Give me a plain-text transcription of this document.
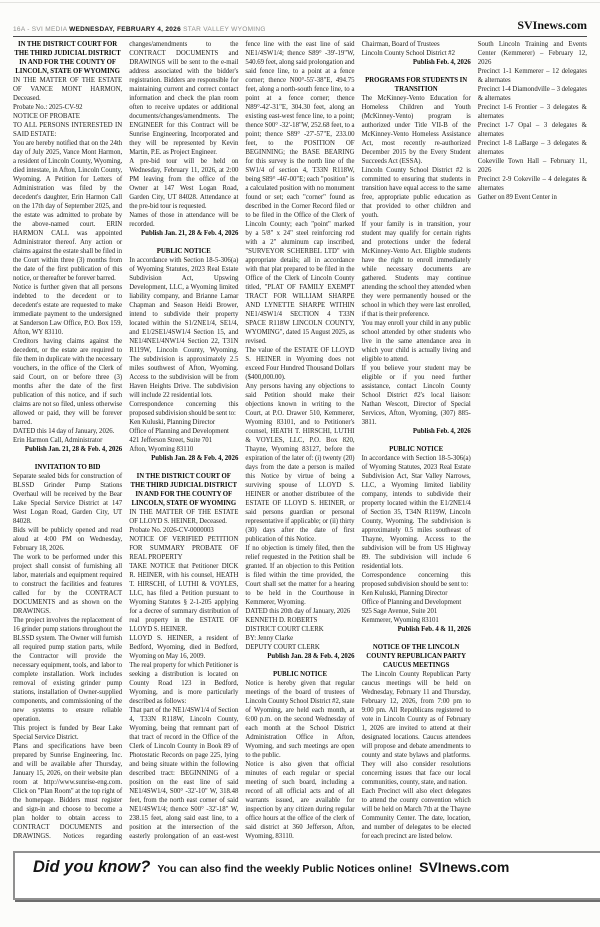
16A - SVI MEDIA WEDNESDAY, FEBRUARY 4, 2026 STAR VALLEY WYOMING	SVInews.com

IN THE DISTRICT COURT FOR THE THIRD JUDICIAL DISTRICT

IN AND FOR THE COUNTY OF LINCOLN, STATE OF WYOMING

IN THE MATTER OF THE ESTATE OF VANCE MONT HARMON, Deceased.

Probate No.: 2025-CV-92

NOTICE OF PROBATE

TO ALL PERSONS INTERESTED IN SAID ESTATE:

You are hereby notified that on the 24th day of July 2025, Vance Mont Harmon, a resident of Lincoln County, Wyoming, died intestate, in Afton, Lincoln County, Wyoming. A Petition for Letters of Administration was filed by the decedent's daughter, Erin Harmon Call on the 17th day of September 2025, and the estate was admitted to probate by the above-named court. ERIN HARMON CALL was appointed Administrator thereof. Any action or claims against the estate shall be filed in the Court within three (3) months from the date of the first publication of this notice, or thereafter be forever barred.

Notice is further given that all persons indebted to the decedent or to decedent's estate are requested to make immediate payment to the undersigned at Sanderson Law Office, P.O. Box 159, Afton, WY 83110.

Creditors having claims against the decedent, or the estate are required to file them in duplicate with the necessary vouchers, in the office of the Clerk of said Court, on or before three (3) months after the date of the first publication of this notice, and if such claims are not so filed, unless otherwise allowed or paid, they will be forever barred.

DATED this 14 day of January, 2026.

Erin Harmon Call, Administrator

Publish Jan. 21, 28 & Feb. 4, 2026

INVITATION TO BID

Separate sealed bids for construction of BLSSD Grinder Pump Stations Overhaul will be received by the Bear Lake Special Service District at 147 West Logan Road, Garden City, UT 84028.

Bids will be publicly opened and read aloud at 4:00 PM on Wednesday, February 18, 2026.

The work to be performed under this project shall consist of furnishing all labor, materials and equipment required to construct the facilities and features called for by the CONTRACT DOCUMENTS and as shown on the DRAWINGS.

The project involves the replacement of 16 grinder pump stations throughout the BLSSD system. The Owner will furnish all required pump station parts, while the Contractor will provide the necessary equipment, tools, and labor to complete installation. Work includes removal of existing grinder pump stations, installation of Owner-supplied components, and commissioning of the new systems to ensure reliable operation.

This project is funded by Bear Lake Special Service District.

Plans and specifications have been prepared by Sunrise Engineering, Inc. and will be available after Thursday, January 15, 2026, on their website plan room at http://www.sunrise-eng.com. Click on "Plan Room" at the top right of the homepage. Bidders must register and sign-in and choose to become a plan holder to obtain access to CONTRACT DOCUMENTS and DRAWINGS. Notices regarding changes/amendments to the CONTRACT DOCUMENTS and DRAWINGS will be sent to the e-mail address associated with the bidder's registration. Bidders are responsible for maintaining current and correct contact information and check the plan room often to receive updates or additional documents/changes/amendments. The ENGINEER for this Contract will be Sunrise Engineering, Incorporated and they will be represented by Kevin Martin, P.E. as Project Engineer.

A pre-bid tour will be held on Wednesday, February 11, 2026, at 2:00 PM leaving from the office of the Owner at 147 West Logan Road, Garden City, UT 84028. Attendance at the pre-bid tour is requested.

Names of those in attendance will be recorded.

Publish Jan. 21, 28 & Feb. 4, 2026

PUBLIC NOTICE

In accordance with Section 18-5-306(a) of Wyoming Statutes, 2023 Real Estate Subdivision Act, Upswing Development, LLC, a Wyoming limited liability company, and Brianne Lamar Chapman and Season Heidi Brower, intend to subdivide their property located within the S1/2NE1/4, SE1/4, and E1/2SE1/4SW1/4 Section 15, and NE1/4NE1/4NW1/4 Section 22, T31N R119W, Lincoln County, Wyoming. The subdivision is approximately 2.5 miles southwest of Afton, Wyoming. Access to the subdivision will be from Haven Heights Drive. The subdivision will include 22 residential lots.

Correspondence concerning this proposed subdivision should be sent to:

Ken Kuluski, Planning Director

Office of Planning and Development

421 Jefferson Street, Suite 701

Afton, Wyoming 83110

Publish Jan. 28 & Feb. 4, 2026

IN THE DISTRICT COURT OF THE THIRD JUDICIAL DISTRICT

IN AND FOR THE COUNTY OF LINCOLN, STATE OF WYOMING

IN THE MATTER OF THE ESTATE OF LLOYD S. HEINER, Deceased.

Probate No. 2026-CV-0000003

NOTICE OF VERIFIED PETITION FOR SUMMARY PROBATE OF REAL PROPERTY

TAKE NOTICE that Petitioner DICK R. HEINER, with his counsel, HEATH T. HIRSCHI, of LUTHI & VOYLES, LLC, has filed a Petition pursuant to Wyoming Statutes § 2-1-205 applying for a decree of summary distribution of real property in the ESTATE OF LLOYD S. HEINER.

LLOYD S. HEINER, a resident of Bedford, Wyoming, died in Bedford, Wyoming on May 16, 2009.

The real property for which Petitioner is seeking a distribution is located on County Road 123 in Bedford, Wyoming, and is more particularly described as follows:

That part of the NE1/4SW1/4 of Section 4, T33N R118W, Lincoln County, Wyoming, being that remnant part of that tract of record in the Office of the Clerk of Lincoln County in Book 89 of Photostatic Records on page 225, lying and being situate within the following described tract: BEGINNING of a position on the east line of said NE1/4SW1/4, S00° -32'-10" W, 318.48 feet, from the north east corner of said NE1/4SW1/4; thence S00° -32'-18" W, 238.15 feet, along said east line, to a position at the intersection of the easterly prolongation of an east-west fence line with the east line of said NE1/4SW1/4; thence S89° -39'-19"W, 540.69 feet, along said prolongation and said fence line, to a point at a fence corner; thence N00°-55'-38"E, 494.75 feet, along a north-south fence line, to a point at a fence corner; thence N89°-42'-31"E, 304.30 feet, along an existing east-west fence line, to a point; thence S00° -32'-18"W, 252.68 feet, to a point; thence S89° -27'-57"E, 233.00 feet, to the POSITION OF BEGINNING; the BASE BEARING for this survey is the north line of the SW1/4 of section 4, T33N R118W, being S89° -46'-00"E; each "position" is a calculated position with no monument found or set; each "corner" found as described in the Corner Record filed or to be filed in the Office of the Clerk of Lincoln County; each "point" marked by a 5/8" x 24" steel reinforcing rod with a 2" aluminum cap inscribed, "SURVEYOR SCHERBEL LTD" with appropriate details; all in accordance with that plat prepared to be filed in the Office of the Clerk of Lincoln County titled, "PLAT OF FAMILY EXEMPT TRACT FOR WILLIAM SHARPE AND LYNETTE SHARPE WITHIN NE1/4SW1/4 SECTION 4 T33N SPACE R118W LINCOLN COUNTY, WYOMING", dated 15 August 2025, as revised.

The value of the ESTATE OF LLOYD S. HEINER in Wyoming does not exceed Four Hundred Thousand Dollars ($400,000.00).

Any persons having any objections to said Petition should make their objections known in writing to the Court, at P.O. Drawer 510, Kemmerer, Wyoming 83101, and to Petitioner's counsel, HEATH T. HIRSCHI, LUTHI & VOYLES, LLC, P.O. Box 820, Thayne, Wyoming 83127, before the expiration of the later of: (i) twenty (20) days from the date a person is mailed this Notice by virtue of being a surviving spouse of LLOYD S. HEINER or another distributee of the ESTATE OF LLOYD S. HEINER, or said persons guardian or personal representative if applicable; or (ii) thirty (30) days after the date of first publication of this Notice.

If no objection is timely filed, then the relief requested in the Petition shall be granted. If an objection to this Petition is filed within the time provided, the Court shall set the matter for a hearing to be held in the Courthouse in Kemmerer, Wyoming.

DATED this 20th day of January, 2026

KENNETH D. ROBERTS

DISTRICT COURT CLERK

BY: Jenny Clarke

DEPUTY COURT CLERK

Publish Jan. 28 & Feb. 4, 2026

PUBLIC NOTICE

Notice is hereby given that regular meetings of the board of trustees of Lincoln County School District #2, state of Wyoming, are held each month, at 6:00 p.m. on the second Wednesday of each month at the School District Administration Office in Afton, Wyoming, and such meetings are open to the public.

Notice is also given that official minutes of each regular or special meeting of such board, including a record of all official acts and of all warrants issued, are available for inspection by any citizen during regular office hours at the office of the clerk of said district at 360 Jefferson, Afton, Wyoming, 83110.

Chairman, Board of Trustees

Lincoln County School District #2

Publish Feb. 4, 2026

PROGRAMS FOR STUDENTS IN TRANSITION

The McKinney-Vento Education for Homeless Children and Youth (McKinney-Vento) program is authorized under Title VII-B of the McKinney-Vento Homeless Assistance Act, most recently re-authorized December 2015 by the Every Student Succeeds Act (ESSA).

Lincoln County School District #2 is committed to ensuring that students in transition have equal access to the same free, appropriate public education as that provided to other children and youth.

If your family is in transition, your student may qualify for certain rights and protections under the federal McKinney-Vento Act. Eligible students have the right to enroll immediately while necessary documents are gathered. Students may continue attending the school they attended when they were permanently housed or the school in which they were last enrolled, if that is their preference.

You may enroll your child in any public school attended by other students who live in the same attendance area in which your child is actually living and eligible to attend.

If you believe your student may be eligible or if you need further assistance, contact Lincoln County School District #2's local liaison: Nathan Wescott, Director of Special Services, Afton, Wyoming, (307) 885-3811.

Publish Feb. 4, 2026

PUBLIC NOTICE

In accordance with Section 18-5-306(a) of Wyoming Statutes, 2023 Real Estate Subdivision Act, Star Valley Narrows, LLC, a Wyoming limited liability company, intends to subdivide their property located within the E1/2NE1/4 of Section 35, T34N R119W, Lincoln County, Wyoming. The subdivision is approximately 0.5 miles southeast of Thayne, Wyoming. Access to the subdivision will be from US Highway 89. The subdivision will include 6 residential lots.

Correspondence concerning this proposed subdivision should be sent to:

Ken Kuluski, Planning Director

Office of Planning and Development

925 Sage Avenue, Suite 201

Kemmerer, Wyoming 83101

Publish Feb. 4 & 11, 2026

NOTICE OF THE LINCOLN COUNTY REPUBLICAN PARTY CAUCUS MEETINGS

The Lincoln County Republican Party caucus meetings will be held on Wednesday, February 11 and Thursday, February 12, 2026, from 7:00 pm to 9:00 pm. All Republicans registered to vote in Lincoln County as of February 1, 2026 are invited to attend at their designated locations. Caucus attendees will propose and debate amendments to county and state bylaws and platforms. They will also consider resolutions concerning issues that face our local communities, county, state, and nation.

Each Precinct will also elect delegates to attend the county convention which will be held on March 7th at the Thayne Community Center. The date, location, and number of delegates to be elected for each precinct are listed below.

South Lincoln Training and Events Center (Kemmerer) – February 12, 2026

Precinct 1-1 Kemmerer – 12 delegates & alternates

Precinct 1-4 Diamondville – 3 delegates & alternates

Precinct 1-6 Frontier – 3 delegates & alternates

Precinct 1-7 Opal – 3 delegates & alternates

Precinct 1-8 LaBarge – 3 delegates & alternates

Cokeville Town Hall – February 11, 2026

Precinct 2-9 Cokeville – 4 delegates & alternates

Gather on 89 Event Center in

Did you know? You can also find the weekly Public Notices online! SVInews.com
